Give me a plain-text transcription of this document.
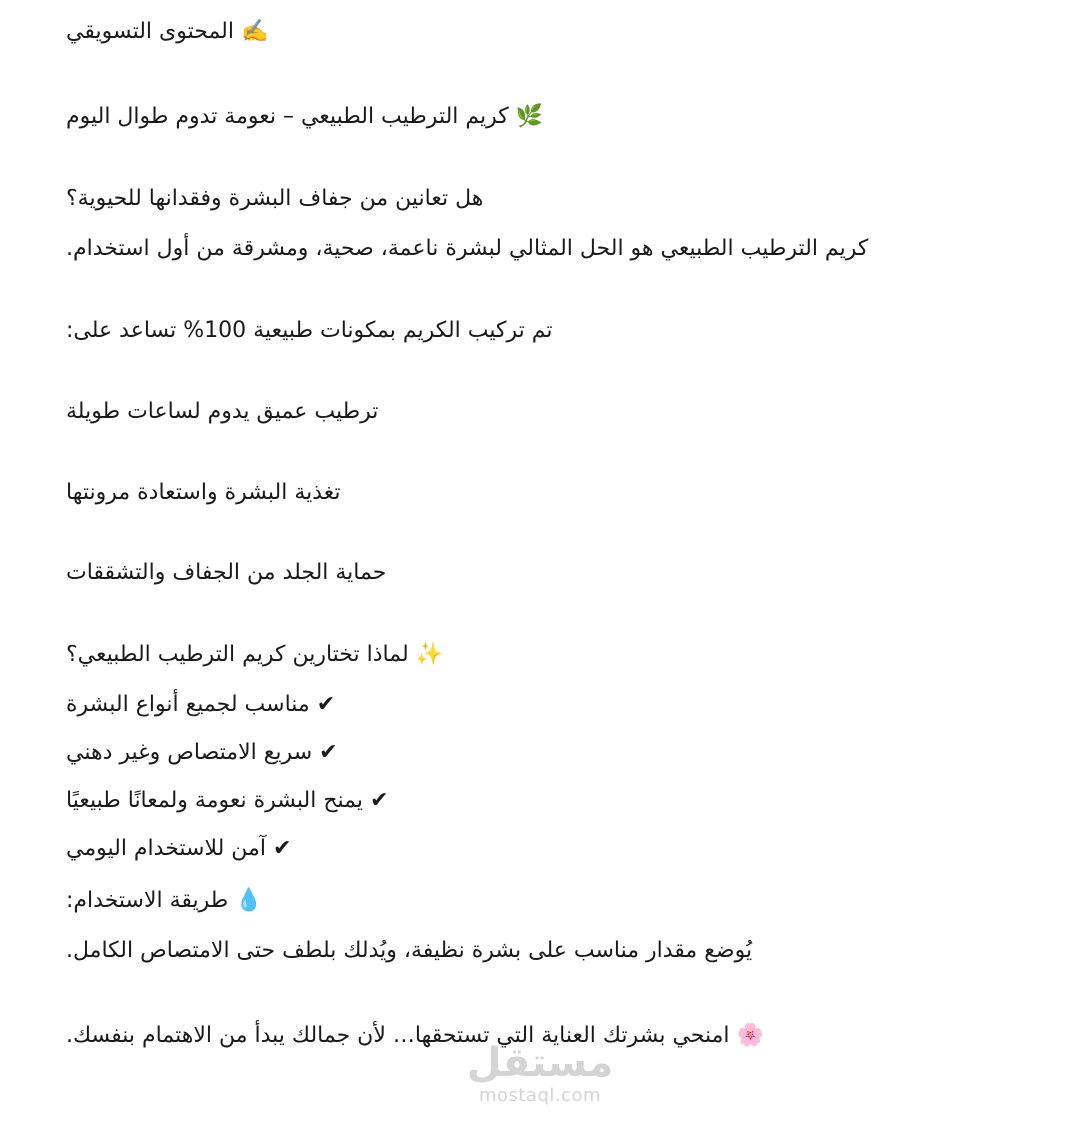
✍️ المحتوى التسويقي
🌿 كريم الترطيب الطبيعي – نعومة تدوم طوال اليوم
هل تعانين من جفاف البشرة وفقدانها للحيوية؟
كريم الترطيب الطبيعي هو الحل المثالي لبشرة ناعمة، صحية، ومشرقة من أول استخدام.
تم تركيب الكريم بمكونات طبيعية 100% تساعد على:
ترطيب عميق يدوم لساعات طويلة
تغذية البشرة واستعادة مرونتها
حماية الجلد من الجفاف والتشققات
✨ لماذا تختارين كريم الترطيب الطبيعي؟
✔ مناسب لجميع أنواع البشرة
✔ سريع الامتصاص وغير دهني
✔ يمنح البشرة نعومة ولمعانًا طبيعيًا
✔ آمن للاستخدام اليومي
💧 طريقة الاستخدام:
يُوضع مقدار مناسب على بشرة نظيفة، ويُدلك بلطف حتى الامتصاص الكامل.
🌸 امنحي بشرتك العناية التي تستحقها… لأن جمالك يبدأ من الاهتمام بنفسك.
مستقل
mostaql.com
